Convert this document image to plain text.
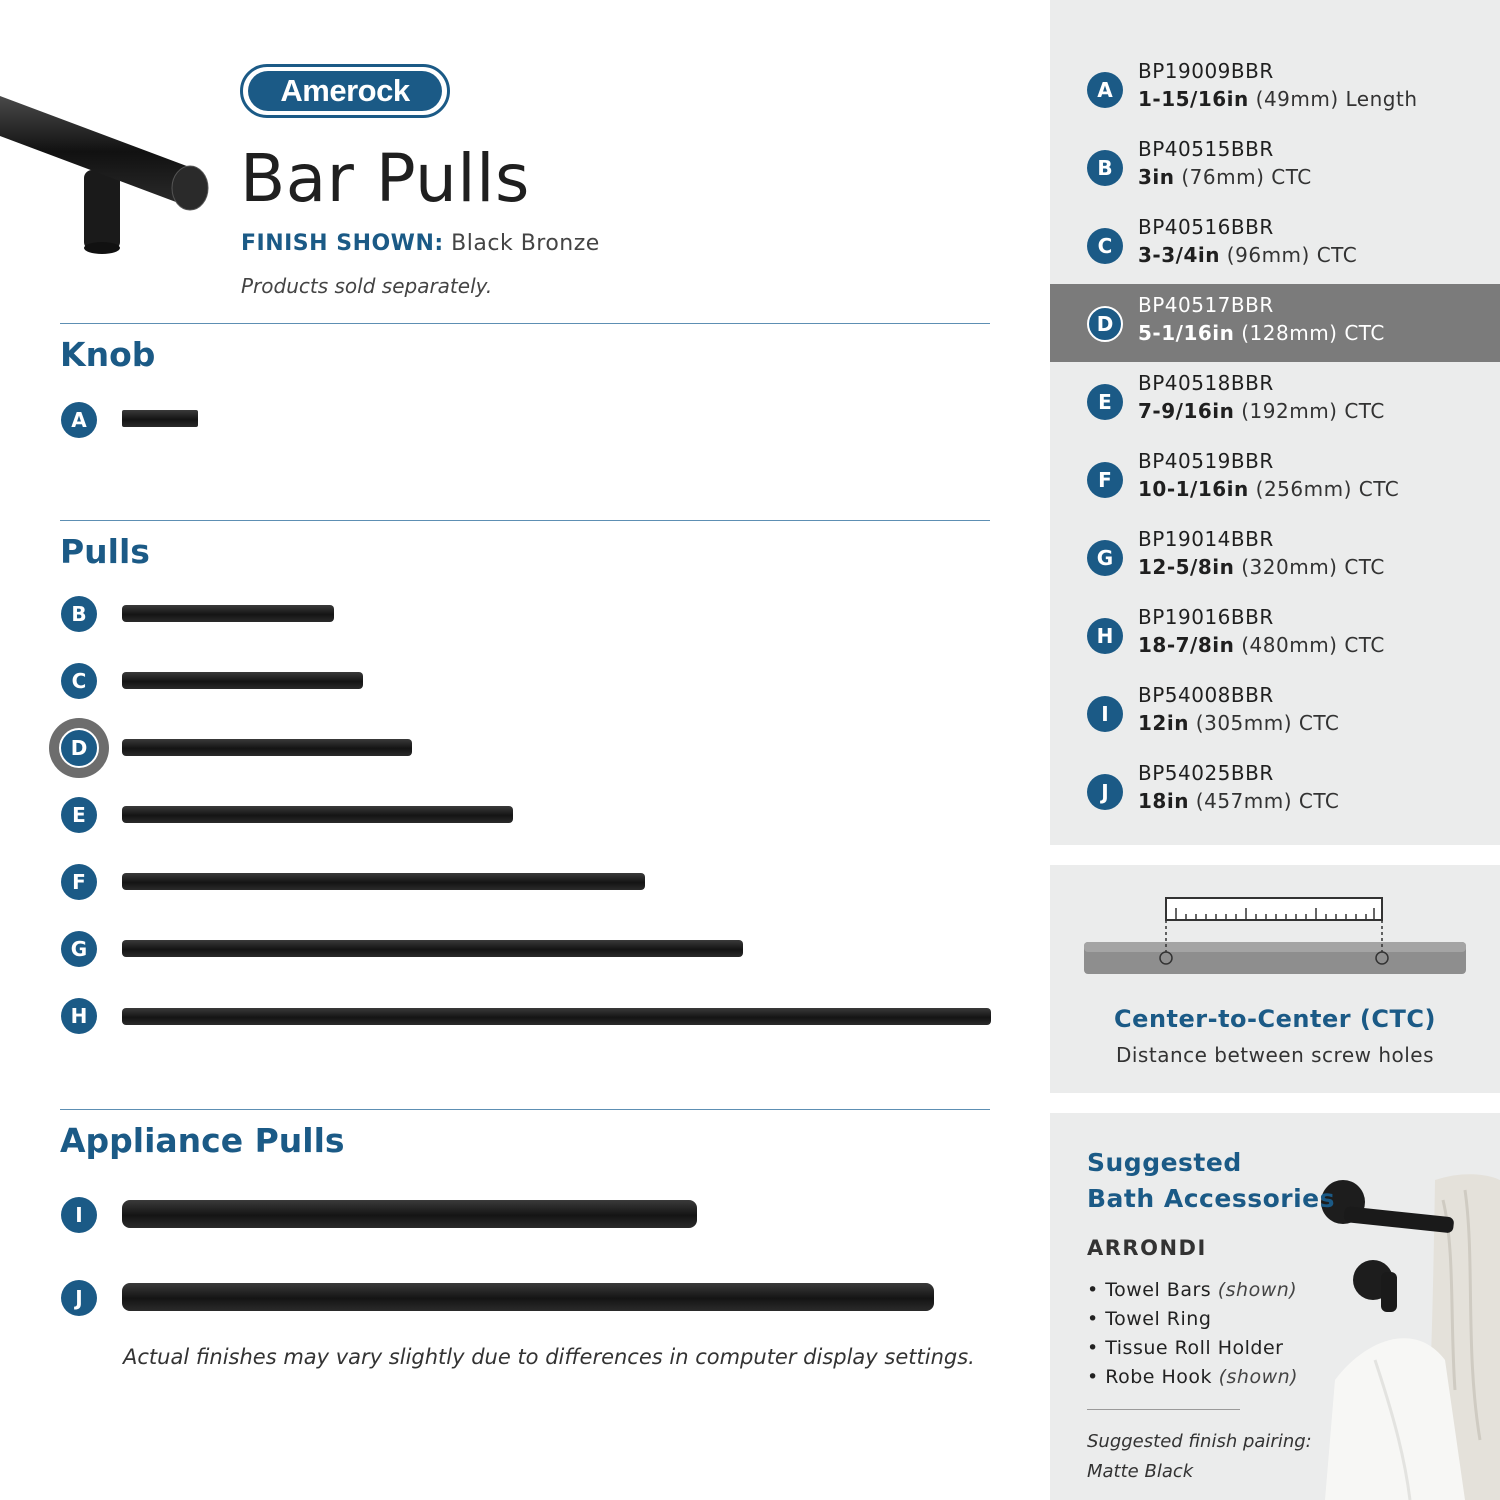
Amerock
Bar Pulls
FINISH SHOWN: Black Bronze
Products sold separately.
Knob
A
Pulls
B
C
D
E
F
G
H
Appliance Pulls
I
J
Actual finishes may vary slightly due to differences in computer display settings.
A
BP19009BBR
1-15/16in (49mm) Length
B
BP40515BBR
3in (76mm) CTC
C
BP40516BBR
3-3/4in (96mm) CTC
D
BP40517BBR
5-1/16in (128mm) CTC
E
BP40518BBR
7-9/16in (192mm) CTC
F
BP40519BBR
10-1/16in (256mm) CTC
G
BP19014BBR
12-5/8in (320mm) CTC
H
BP19016BBR
18-7/8in (480mm) CTC
I
BP54008BBR
12in (305mm) CTC
J
BP54025BBR
18in (457mm) CTC
Center-to-Center (CTC)
Distance between screw holes
Suggested
Bath Accessories
ARRONDI
• Towel Bars (shown)
• Towel Ring
• Tissue Roll Holder
• Robe Hook (shown)
Suggested finish pairing:
Matte Black
